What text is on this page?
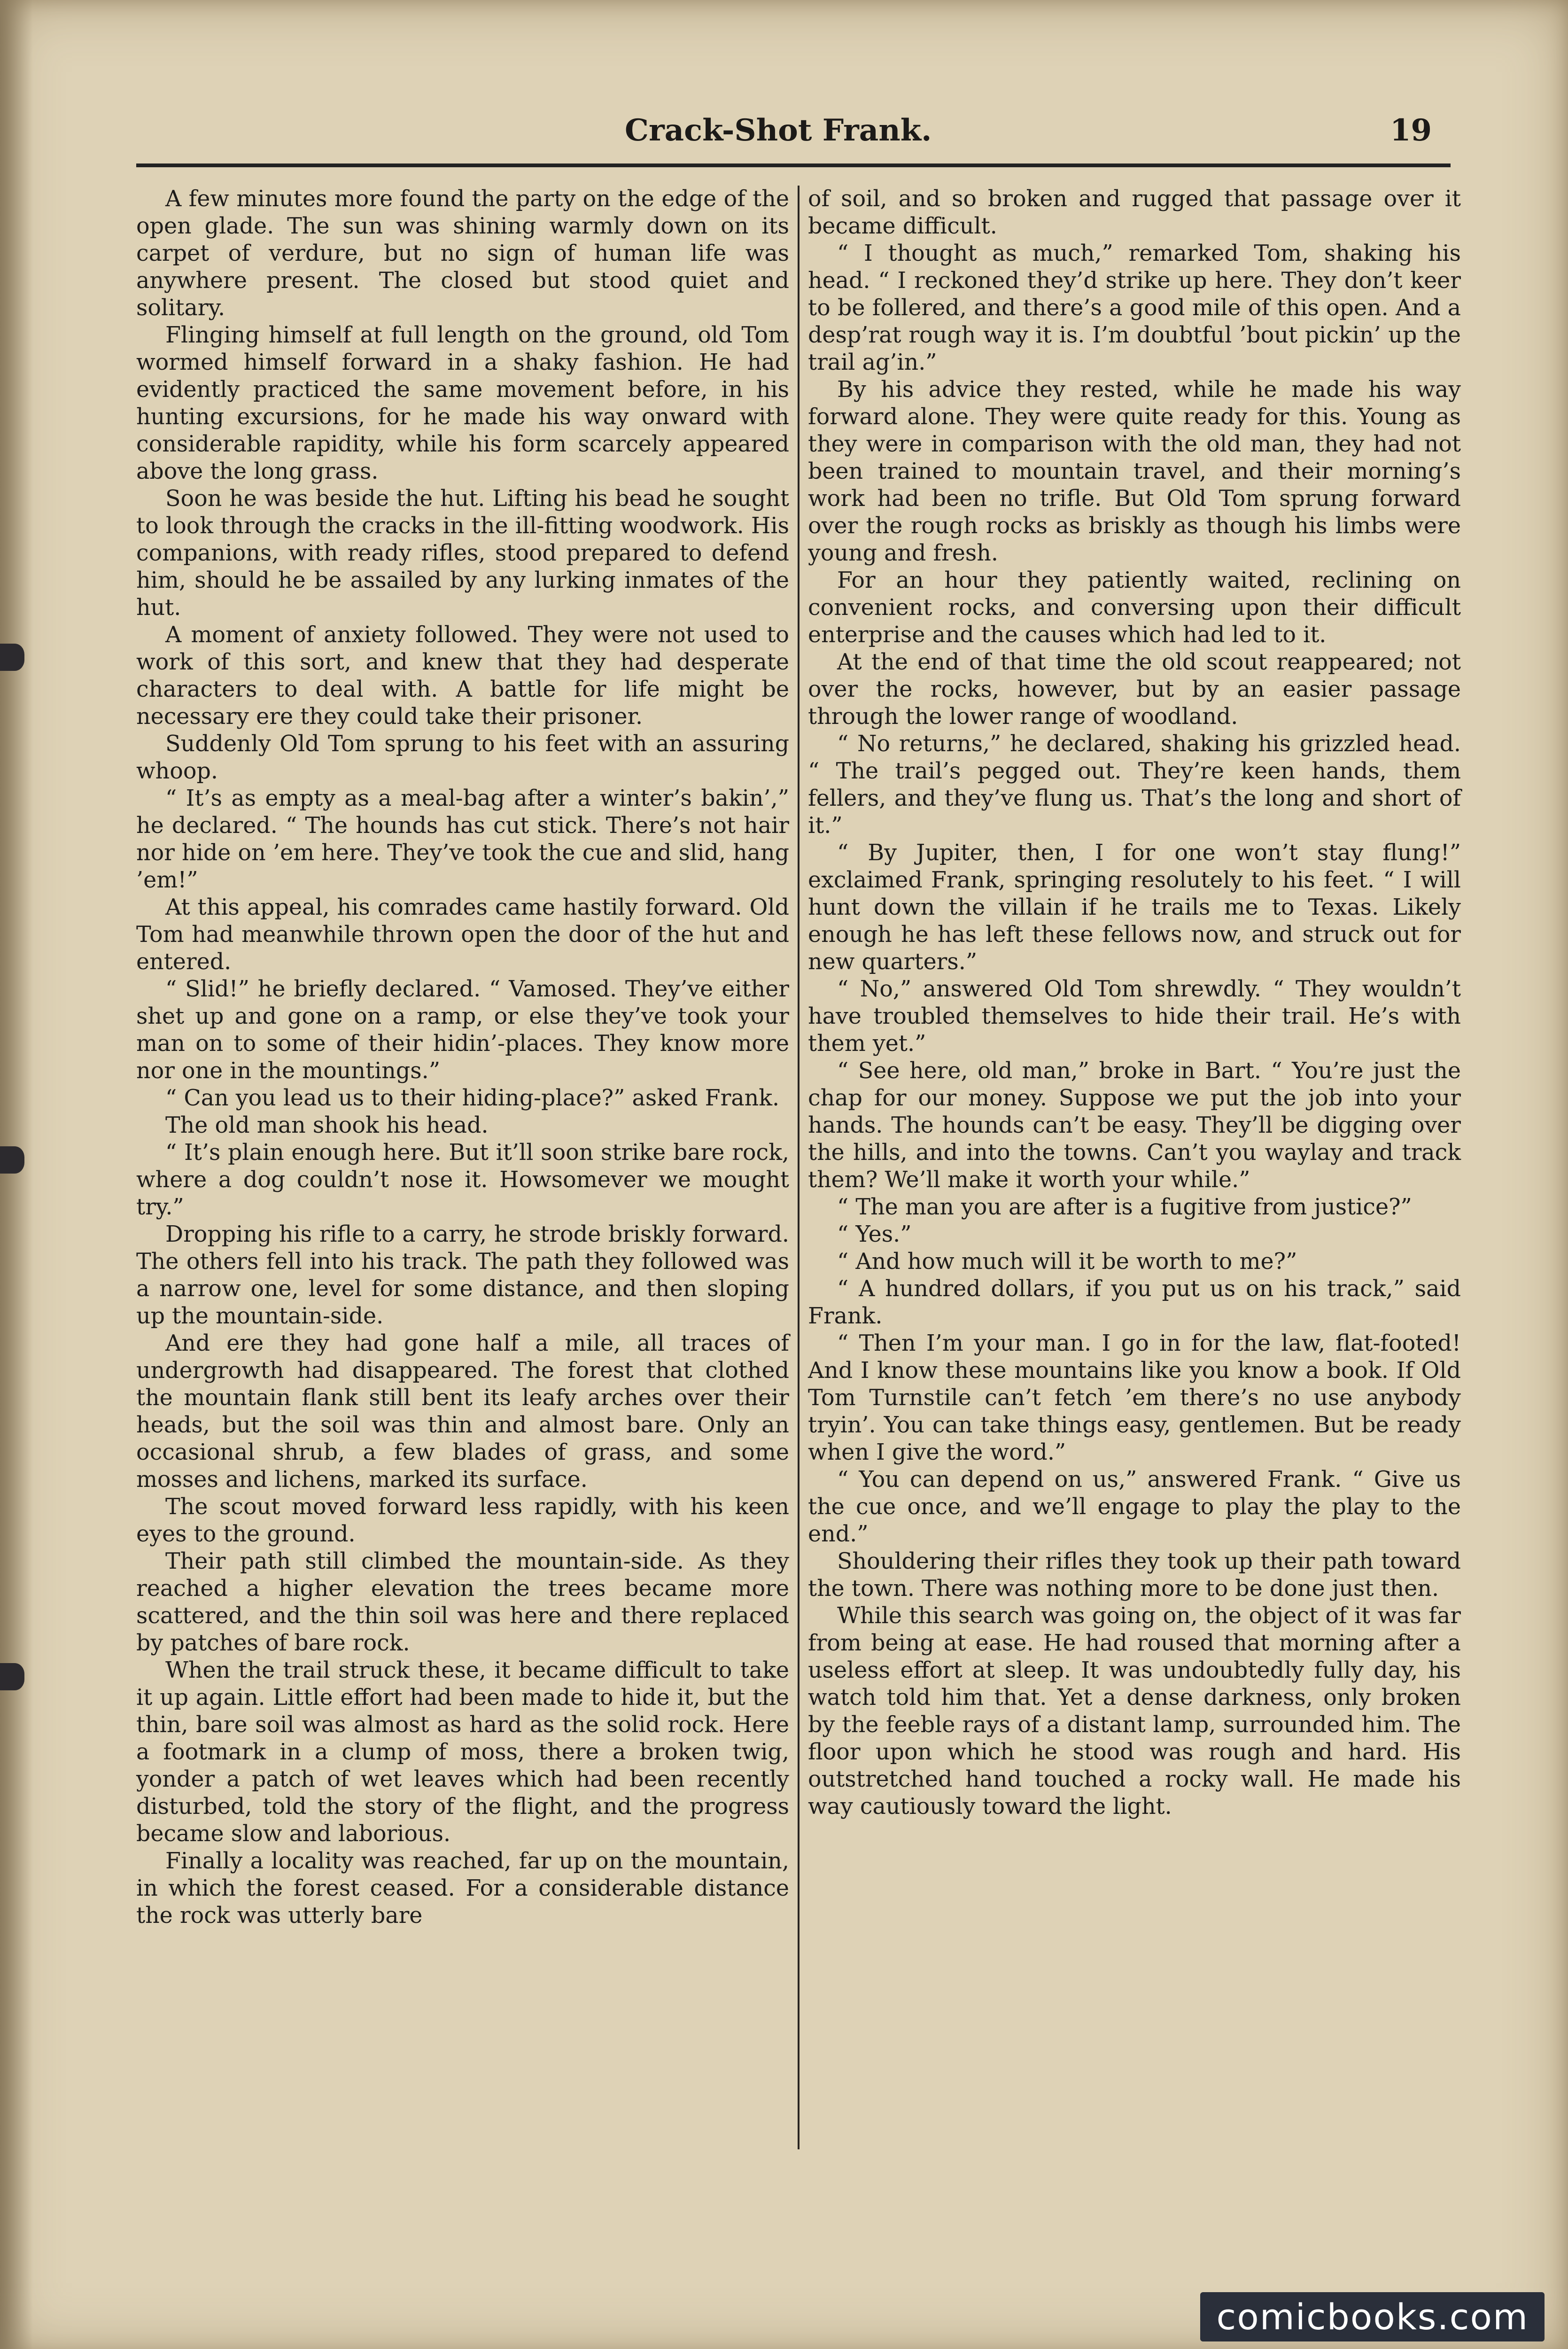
Crack-Shot Frank.	19

A few minutes more found the party on the edge of the open glade. The sun was shining warmly down on its carpet of verdure, but no sign of human life was anywhere present. The closed but stood quiet and solitary.

Flinging himself at full length on the ground, old Tom wormed himself forward in a shaky fashion. He had evidently practiced the same movement before, in his hunting excursions, for he made his way onward with considerable rapidity, while his form scarcely appeared above the long grass.

Soon he was beside the hut. Lifting his bead he sought to look through the cracks in the ill-fitting woodwork. His companions, with ready rifles, stood prepared to defend him, should he be assailed by any lurking inmates of the hut.

A moment of anxiety followed. They were not used to work of this sort, and knew that they had desperate characters to deal with. A battle for life might be necessary ere they could take their prisoner.

Suddenly Old Tom sprung to his feet with an assuring whoop.

“ It’s as empty as a meal-bag after a winter’s bakin’,” he declared. “ The hounds has cut stick. There’s not hair nor hide on ’em here. They’ve took the cue and slid, hang ’em!”

At this appeal, his comrades came hastily forward. Old Tom had meanwhile thrown open the door of the hut and entered.

“ Slid!” he briefly declared. “ Vamosed. They’ve either shet up and gone on a ramp, or else they’ve took your man on to some of their hidin’-places. They know more nor one in the mountings.”

“ Can you lead us to their hiding-place?” asked Frank.

The old man shook his head.

“ It’s plain enough here. But it’ll soon strike bare rock, where a dog couldn’t nose it. Howsomever we mought try.”

Dropping his rifle to a carry, he strode briskly forward. The others fell into his track. The path they followed was a narrow one, level for some distance, and then sloping up the mountain-side.

And ere they had gone half a mile, all traces of undergrowth had disappeared. The forest that clothed the mountain flank still bent its leafy arches over their heads, but the soil was thin and almost bare. Only an occasional shrub, a few blades of grass, and some mosses and lichens, marked its surface.

The scout moved forward less rapidly, with his keen eyes to the ground.

Their path still climbed the mountain-side. As they reached a higher elevation the trees became more scattered, and the thin soil was here and there replaced by patches of bare rock.

When the trail struck these, it became difficult to take it up again. Little effort had been made to hide it, but the thin, bare soil was almost as hard as the solid rock. Here a footmark in a clump of moss, there a broken twig, yonder a patch of wet leaves which had been recently disturbed, told the story of the flight, and the progress became slow and laborious.

Finally a locality was reached, far up on the mountain, in which the forest ceased. For a considerable distance the rock was utterly bare

of soil, and so broken and rugged that passage over it became difficult.

“ I thought as much,” remarked Tom, shaking his head. “ I reckoned they’d strike up here. They don’t keer to be follered, and there’s a good mile of this open. And a desp’rat rough way it is. I’m doubtful ’bout pickin’ up the trail ag’in.”

By his advice they rested, while he made his way forward alone. They were quite ready for this. Young as they were in comparison with the old man, they had not been trained to mountain travel, and their morning’s work had been no trifle. But Old Tom sprung forward over the rough rocks as briskly as though his limbs were young and fresh.

For an hour they patiently waited, reclining on convenient rocks, and conversing upon their difficult enterprise and the causes which had led to it.

At the end of that time the old scout reappeared; not over the rocks, however, but by an easier passage through the lower range of woodland.

“ No returns,” he declared, shaking his grizzled head. “ The trail’s pegged out. They’re keen hands, them fellers, and they’ve flung us. That’s the long and short of it.”

“ By Jupiter, then, I for one won’t stay flung!” exclaimed Frank, springing resolutely to his feet. “ I will hunt down the villain if he trails me to Texas. Likely enough he has left these fellows now, and struck out for new quarters.”

“ No,” answered Old Tom shrewdly. “ They wouldn’t have troubled themselves to hide their trail. He’s with them yet.”

“ See here, old man,” broke in Bart. “ You’re just the chap for our money. Suppose we put the job into your hands. The hounds can’t be easy. They’ll be digging over the hills, and into the towns. Can’t you waylay and track them? We’ll make it worth your while.”

“ The man you are after is a fugitive from justice?”

“ Yes.”

“ And how much will it be worth to me?”

“ A hundred dollars, if you put us on his track,” said Frank.

“ Then I’m your man. I go in for the law, flat-footed! And I know these mountains like you know a book. If Old Tom Turnstile can’t fetch ’em there’s no use anybody tryin’. You can take things easy, gentlemen. But be ready when I give the word.”

“ You can depend on us,” answered Frank. “ Give us the cue once, and we’ll engage to play the play to the end.”

Shouldering their rifles they took up their path toward the town. There was nothing more to be done just then.

While this search was going on, the object of it was far from being at ease. He had roused that morning after a useless effort at sleep. It was undoubtedly fully day, his watch told him that. Yet a dense darkness, only broken by the feeble rays of a distant lamp, surrounded him. The floor upon which he stood was rough and hard. His outstretched hand touched a rocky wall. He made his way cautiously toward the light.

comicbooks.com
